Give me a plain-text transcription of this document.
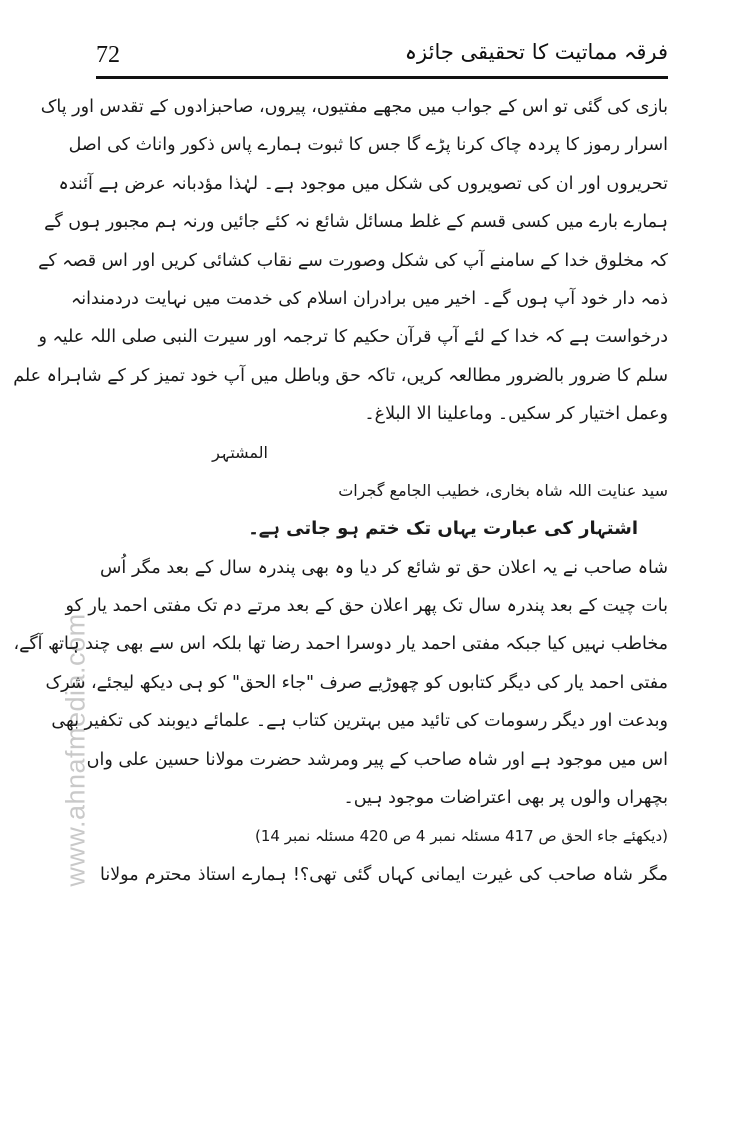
72	فرقہ مماتیت کا تحقیقی جائزہ
www.ahnafmedia.com
بازی کی گئی تو اس کے جواب میں مجھے مفتیوں، پیروں، صاحبزادوں کے تقدس اور پاک
اسرار رموز کا پردہ چاک کرنا پڑے گا جس کا ثبوت ہمارے پاس ذکور واناث کی اصل
تحریروں اور ان کی تصویروں کی شکل میں موجود ہے۔ لہٰذا مؤدبانہ عرض ہے آئندہ
ہمارے بارے میں کسی قسم کے غلط مسائل شائع نہ کئے جائیں ورنہ ہم مجبور ہوں گے
کہ مخلوق خدا کے سامنے آپ کی شکل وصورت سے نقاب کشائی کریں اور اس قصہ کے
ذمہ دار خود آپ ہوں گے۔ اخیر میں برادران اسلام کی خدمت میں نہایت دردمندانہ
درخواست ہے کہ خدا کے لئے آپ قرآن حکیم کا ترجمہ اور سیرت النبی صلی اللہ علیہ و
سلم کا ضرور بالضرور مطالعہ کریں، تاکہ حق وباطل میں آپ خود تمیز کر کے شاہراہ علم
وعمل اختیار کر سکیں۔ وماعلینا الا البلاغ۔
المشتہر
سید عنایت اللہ شاہ بخاری، خطیب الجامع گجرات
اشتہار کی عبارت یہاں تک ختم ہو جاتی ہے۔
شاہ صاحب نے یہ اعلان حق تو شائع کر دیا وہ بھی پندرہ سال کے بعد مگر اُس
بات چیت کے بعد پندرہ سال تک پھر اعلان حق کے بعد مرتے دم تک مفتی احمد یار کو
مخاطب نہیں کیا جبکہ مفتی احمد یار دوسرا احمد رضا تھا بلکہ اس سے بھی چند ہاتھ آگے،
مفتی احمد یار کی دیگر کتابوں کو چھوڑیے صرف "جاء الحق" کو ہی دیکھ لیجئے، شرک
وبدعت اور دیگر رسومات کی تائید میں بہترین کتاب ہے۔ علمائے دیوبند کی تکفیر بھی
اس میں موجود ہے اور شاہ صاحب کے پیر ومرشد حضرت مولانا حسین علی واں
بچھراں والوں پر بھی اعتراضات موجود ہیں۔
(دیکھئے جاء الحق ص 417 مسئلہ نمبر 4 ص 420 مسئلہ نمبر 14)
مگر شاہ صاحب کی غیرت ایمانی کہاں گئی تھی؟! ہمارے استاذ محترم مولانا
